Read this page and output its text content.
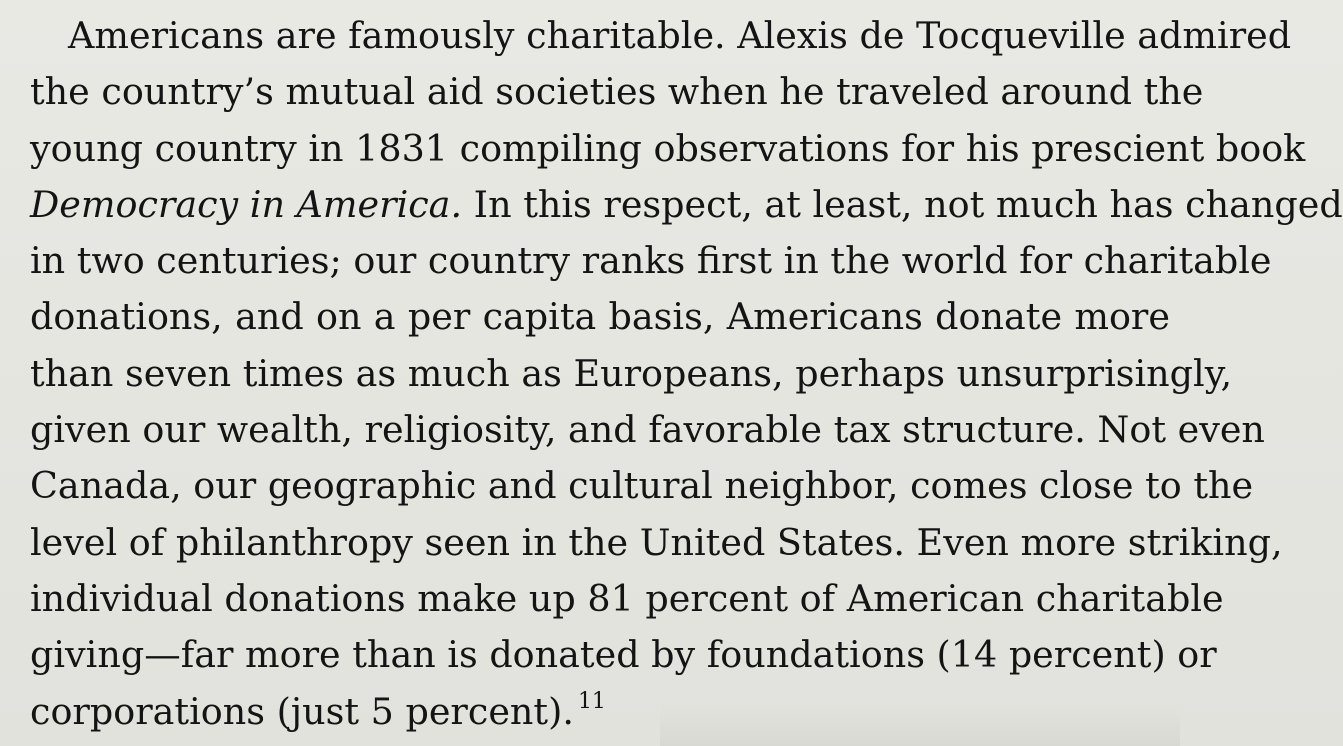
Americans are famously charitable. Alexis de Tocqueville admired
the country’s mutual aid societies when he traveled around the
young country in 1831 compiling observations for his prescient book
Democracy in America. In this respect, at least, not much has changed
in two centuries; our country ranks first in the world for charitable
donations, and on a per capita basis, Americans donate more
than seven times as much as Europeans, perhaps unsurprisingly,
given our wealth, religiosity, and favorable tax structure. Not even
Canada, our geographic and cultural neighbor, comes close to the
level of philanthropy seen in the United States. Even more striking,
individual donations make up 81 percent of American charitable
giving—far more than is donated by foundations (14 percent) or
corporations (just 5 percent). $^{11}$
